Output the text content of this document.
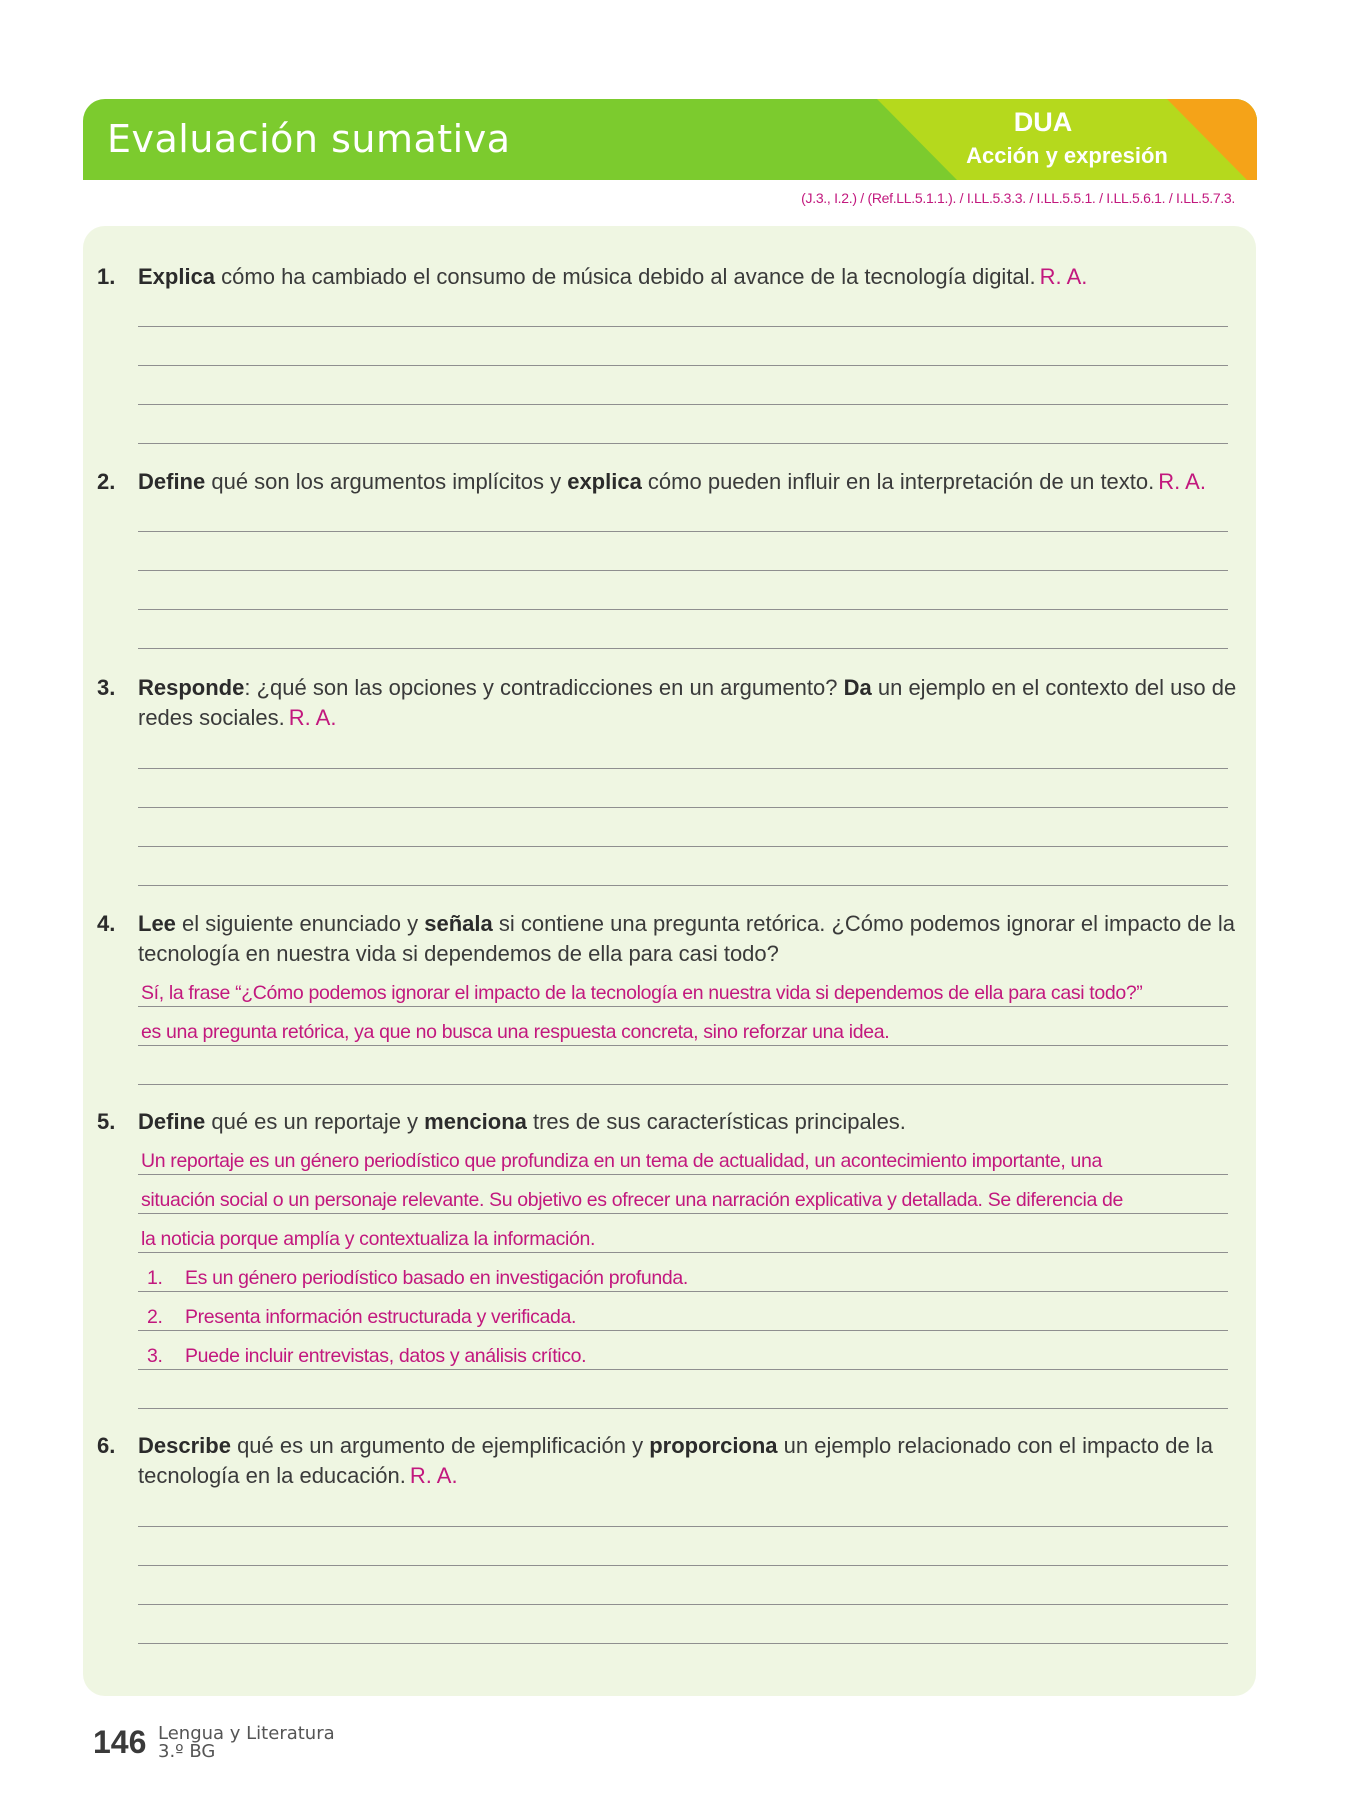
Evaluación sumativa	DUA
Acción y expresión
(J.3., I.2.) / (Ref.LL.5.1.1.). / I.LL.5.3.3. / I.LL.5.5.1. / I.LL.5.6.1. / I.LL.5.7.3.
1. Explica cómo ha cambiado el consumo de música debido al avance de la tecnología digital. R. A.
2. Define qué son los argumentos implícitos y explica cómo pueden influir en la interpretación de un texto. R. A.
3. Responde: ¿qué son las opciones y contradicciones en un argumento? Da un ejemplo en el contexto del uso de redes sociales. R. A.
4. Lee el siguiente enunciado y señala si contiene una pregunta retórica. ¿Cómo podemos ignorar el impacto de la tecnología en nuestra vida si dependemos de ella para casi todo?
Sí, la frase “¿Cómo podemos ignorar el impacto de la tecnología en nuestra vida si dependemos de ella para casi todo?”
es una pregunta retórica, ya que no busca una respuesta concreta, sino reforzar una idea.
5. Define qué es un reportaje y menciona tres de sus características principales.
Un reportaje es un género periodístico que profundiza en un tema de actualidad, un acontecimiento importante, una
situación social o un personaje relevante. Su objetivo es ofrecer una narración explicativa y detallada. Se diferencia de
la noticia porque amplía y contextualiza la información.
1. Es un género periodístico basado en investigación profunda.
2. Presenta información estructurada y verificada.
3. Puede incluir entrevistas, datos y análisis crítico.
6. Describe qué es un argumento de ejemplificación y proporciona un ejemplo relacionado con el impacto de la tecnología en la educación. R. A.
146 Lengua y Literatura
3.º BG
